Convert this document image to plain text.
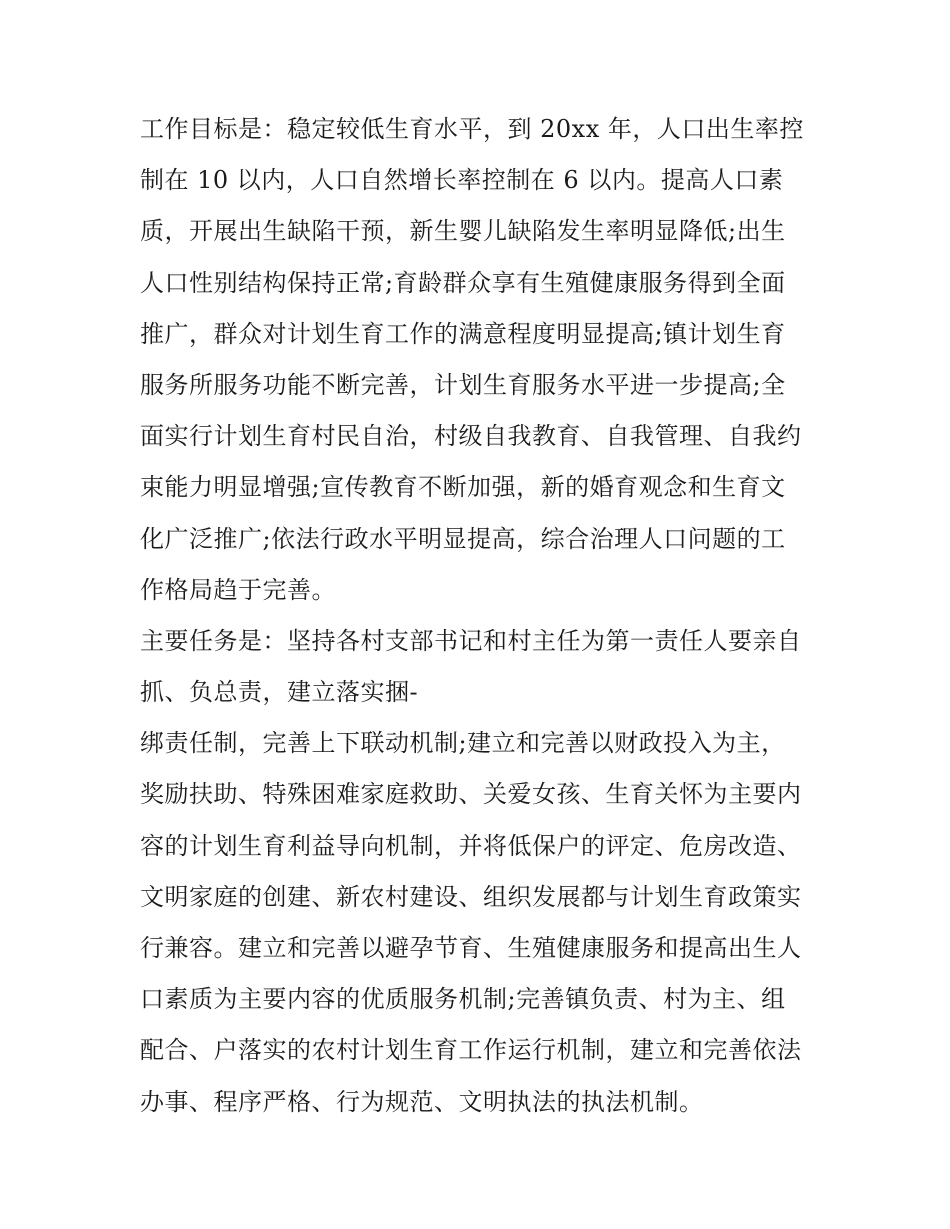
工作目标是：稳定较低生育水平，到 20xx 年，人口出生率控
制在 10 以内，人口自然增长率控制在 6 以内。提高人口素
质，开展出生缺陷干预，新生婴儿缺陷发生率明显降低;出生
人口性别结构保持正常;育龄群众享有生殖健康服务得到全面
推广，群众对计划生育工作的满意程度明显提高;镇计划生育
服务所服务功能不断完善，计划生育服务水平进一步提高;全
面实行计划生育村民自治，村级自我教育、自我管理、自我约
束能力明显增强;宣传教育不断加强，新的婚育观念和生育文
化广泛推广;依法行政水平明显提高，综合治理人口问题的工
作格局趋于完善。
主要任务是：坚持各村支部书记和村主任为第一责任人要亲自
抓、负总责，建立落实捆-
绑责任制，完善上下联动机制;建立和完善以财政投入为主，
奖励扶助、特殊困难家庭救助、关爱女孩、生育关怀为主要内
容的计划生育利益导向机制，并将低保户的评定、危房改造、
文明家庭的创建、新农村建设、组织发展都与计划生育政策实
行兼容。建立和完善以避孕节育、生殖健康服务和提高出生人
口素质为主要内容的优质服务机制;完善镇负责、村为主、组
配合、户落实的农村计划生育工作运行机制，建立和完善依法
办事、程序严格、行为规范、文明执法的执法机制。
